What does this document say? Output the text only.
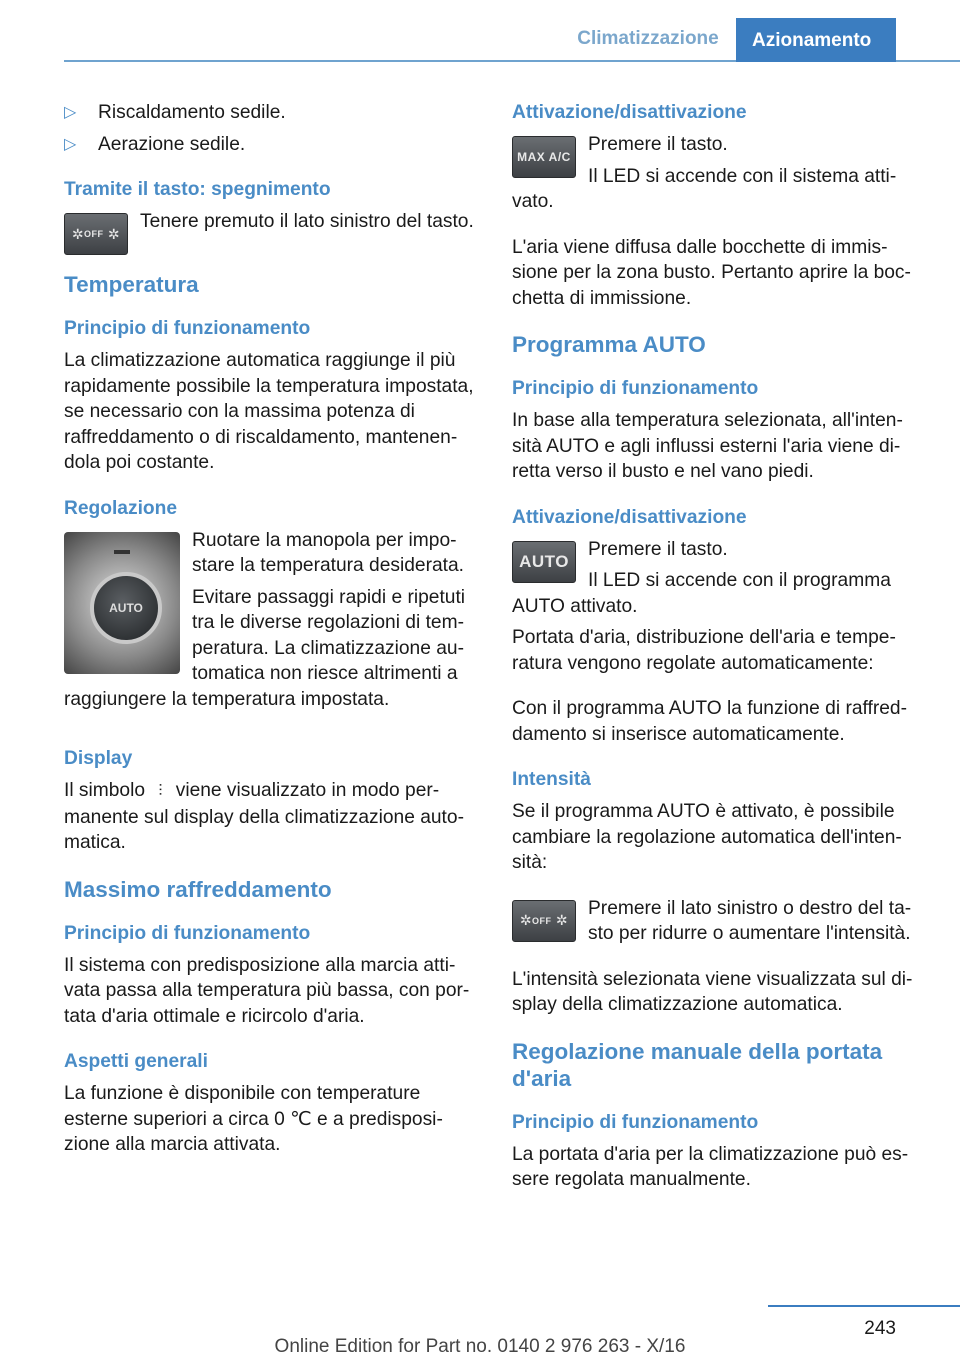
Climatizzazione	Azionamento
▷ Riscaldamento sedile.
▷ Aerazione sedile.
Tramite il tasto: spegnimento
✲ OFF ✲
Tenere premuto il lato sinistro del tasto.
Temperatura
Principio di funzionamento
La climatizzazione automatica raggiunge il più rapidamente possibile la temperatura impostata, se necessario con la massima potenza di raffreddamento o di riscaldamento, mantenendola poi costante.
Regolazione
AUTO
Ruotare la manopola per impostare la temperatura desiderata.
Evitare passaggi rapidi e ripetuti tra le diverse regolazioni di temperatura. La climatizzazione automatica non riesce altrimenti a raggiungere la temperatura impostata.
Display
Il simbolo ⫶ viene visualizzato in modo permanente sul display della climatizzazione automatica.
Massimo raffreddamento
Principio di funzionamento
Il sistema con predisposizione alla marcia attivata passa alla temperatura più bassa, con portata d'aria ottimale e ricircolo d'aria.
Aspetti generali
La funzione è disponibile con temperature esterne superiori a circa 0 ℃ e a predisposizione alla marcia attivata.
Attivazione/disattivazione
MAX A/C
Premere il tasto.
Il LED si accende con il sistema attivato.
L'aria viene diffusa dalle bocchette di immissione per la zona busto. Pertanto aprire la bocchetta di immissione.
Programma AUTO
Principio di funzionamento
In base alla temperatura selezionata, all'intensità AUTO e agli influssi esterni l'aria viene diretta verso il busto e nel vano piedi.
Attivazione/disattivazione
AUTO
Premere il tasto.
Il LED si accende con il programma AUTO attivato.
Portata d'aria, distribuzione dell'aria e temperatura vengono regolate automaticamente:
Con il programma AUTO la funzione di raffreddamento si inserisce automaticamente.
Intensità
Se il programma AUTO è attivato, è possibile cambiare la regolazione automatica dell'intensità:
✲ OFF ✲
Premere il lato sinistro o destro del tasto per ridurre o aumentare l'intensità.
L'intensità selezionata viene visualizzata sul display della climatizzazione automatica.
Regolazione manuale della portata d'aria
Principio di funzionamento
La portata d'aria per la climatizzazione può essere regolata manualmente.
243
Online Edition for Part no. 0140 2 976 263 - X/16
